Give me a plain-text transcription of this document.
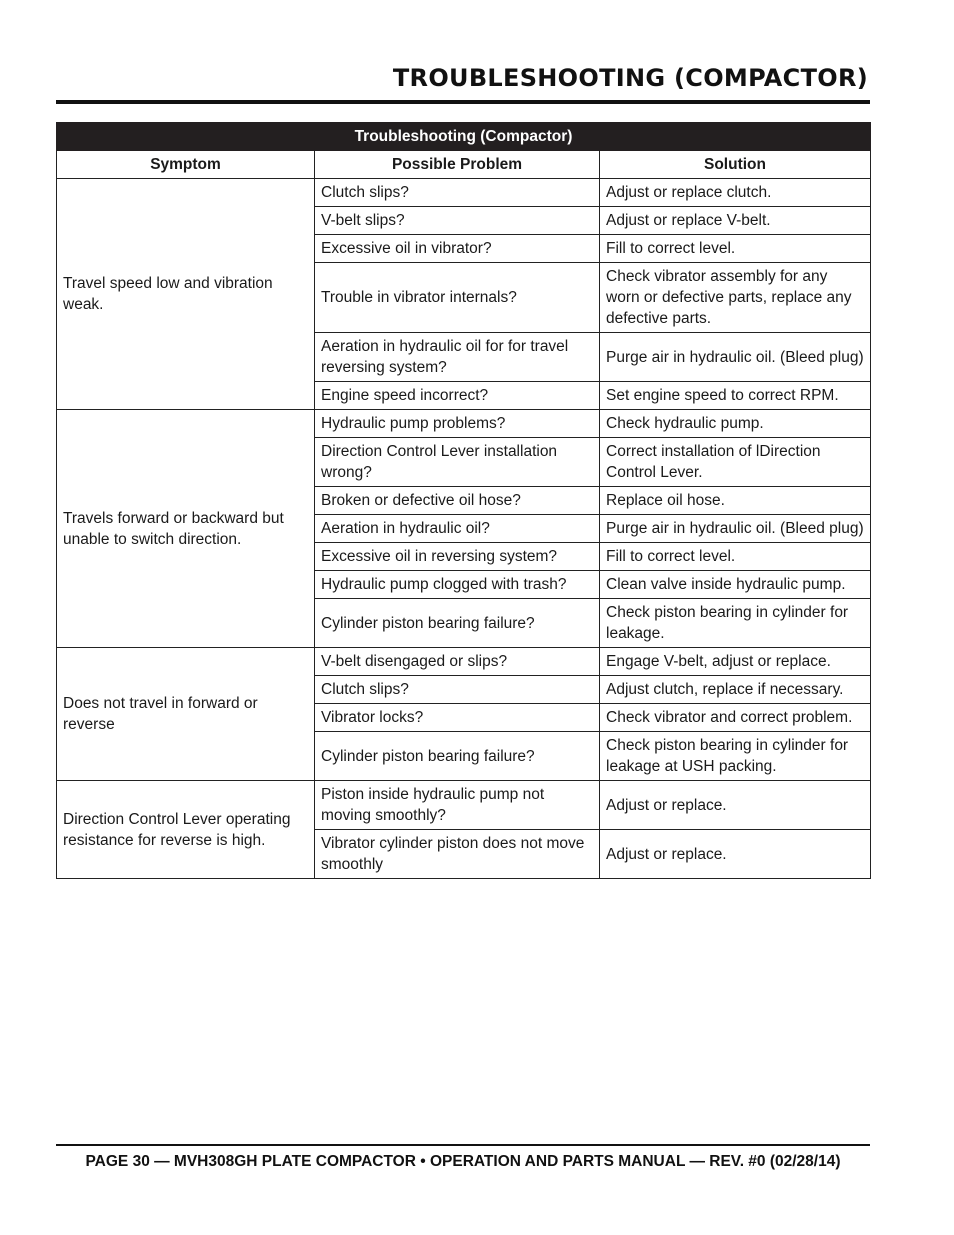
TROUBLESHOOTING (COMPACTOR)
Troubleshooting (Compactor)		
Symptom	Possible Problem	Solution
Travel speed low and vibration weak.	Clutch slips?	Adjust or replace clutch.
	V-belt slips?	Adjust or replace V-belt.
	Excessive oil in vibrator?	Fill to correct level.
	Trouble in vibrator internals?	Check vibrator assembly for any worn or defective parts, replace any defective parts.
	Aeration in hydraulic oil for for travel reversing system?	Purge air in hydraulic oil. (Bleed plug)
	Engine speed incorrect?	Set engine speed to correct RPM.
Travels forward or backward but unable to switch direction.	Hydraulic pump problems?	Check hydraulic pump.
	Direction Control Lever installation wrong?	Correct installation of lDirection Control Lever.
	Broken or defective oil hose?	Replace oil hose.
	Aeration in hydraulic oil?	Purge air in hydraulic oil. (Bleed plug)
	Excessive oil in reversing system?	Fill to correct level.
	Hydraulic pump clogged with trash?	Clean valve inside hydraulic pump.
	Cylinder piston bearing failure?	Check piston bearing in cylinder for leakage.
Does not travel in forward or reverse	V-belt disengaged or slips?	Engage V-belt, adjust or replace.
	Clutch slips?	Adjust clutch, replace if necessary.
	Vibrator locks?	Check vibrator and correct problem.
	Cylinder piston bearing failure?	Check piston bearing in cylinder for leakage at USH packing.
Direction Control Lever operating resistance for reverse is high.	Piston inside hydraulic pump not moving smoothly?	Adjust or replace.
	Vibrator cylinder piston does not move smoothly	Adjust or replace.

PAGE 30 — MVH308GH PLATE COMPACTOR • OPERATION AND PARTS MANUAL — REV. #0 (02/28/14)
